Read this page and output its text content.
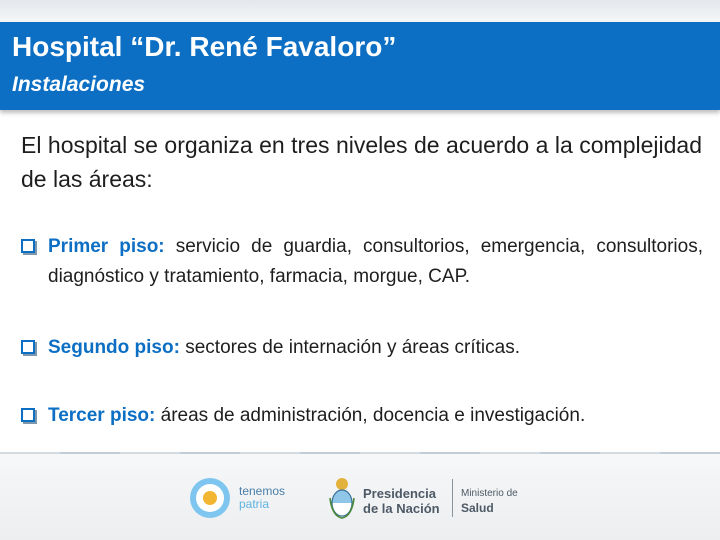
Hospital “Dr. René Favaloro”
Instalaciones
El hospital se organiza en tres niveles de acuerdo a la complejidad de las áreas:
Primer piso: servicio de guardia, consultorios, emergencia, consultorios, diagnóstico y tratamiento, farmacia, morgue, CAP.
Segundo piso: sectores de internación y áreas críticas.
Tercer piso: áreas de administración, docencia e investigación.
tenemos
patria
Presidencia
de la Nación
Ministerio de
Salud
